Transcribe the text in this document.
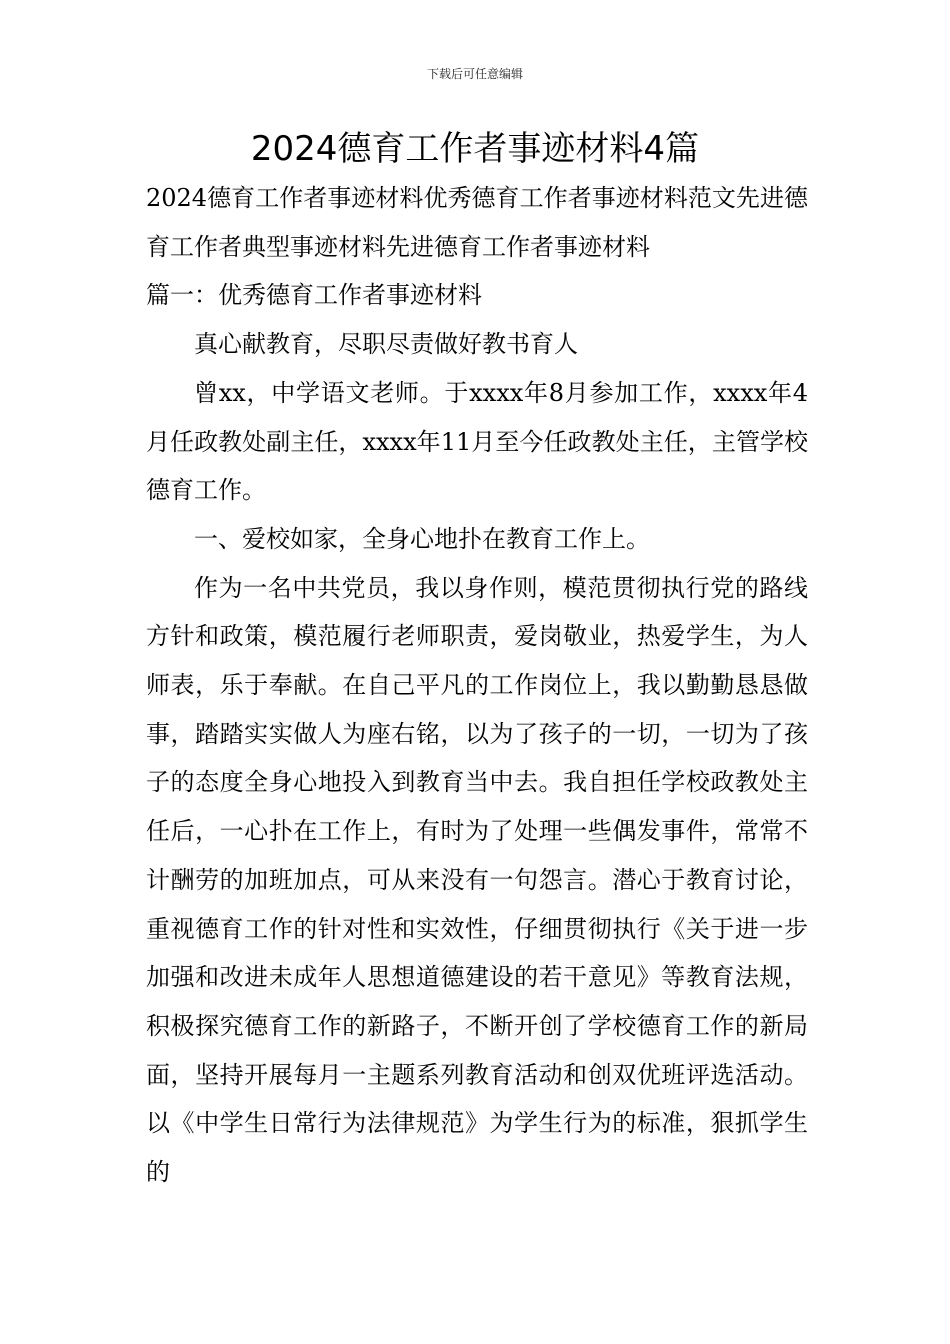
下载后可任意编辑
2024德育工作者事迹材料4篇

2024德育工作者事迹材料优秀德育工作者事迹材料范文先进德育工作者典型事迹材料先进德育工作者事迹材料

篇一：优秀德育工作者事迹材料

真心献教育，尽职尽责做好教书育人

曾xx，中学语文老师。于xxxx年8月参加工作，xxxx年4月任政教处副主任，xxxx年11月至今任政教处主任，主管学校德育工作。

一、爱校如家，全身心地扑在教育工作上。

作为一名中共党员，我以身作则，模范贯彻执行党的路线方针和政策，模范履行老师职责，爱岗敬业，热爱学生，为人师表，乐于奉献。在自己平凡的工作岗位上，我以勤勤恳恳做事，踏踏实实做人为座右铭，以为了孩子的一切，一切为了孩子的态度全身心地投入到教育当中去。我自担任学校政教处主任后，一心扑在工作上，有时为了处理一些偶发事件，常常不计酬劳的加班加点，可从来没有一句怨言。潜心于教育讨论，重视德育工作的针对性和实效性，仔细贯彻执行《关于进一步加强和改进未成年人思想道德建设的若干意见》等教育法规，积极探究德育工作的新路子，不断开创了学校德育工作的新局面，坚持开展每月一主题系列教育活动和创双优班评选活动。以《中学生日常行为法律规范》为学生行为的标准，狠抓学生的
